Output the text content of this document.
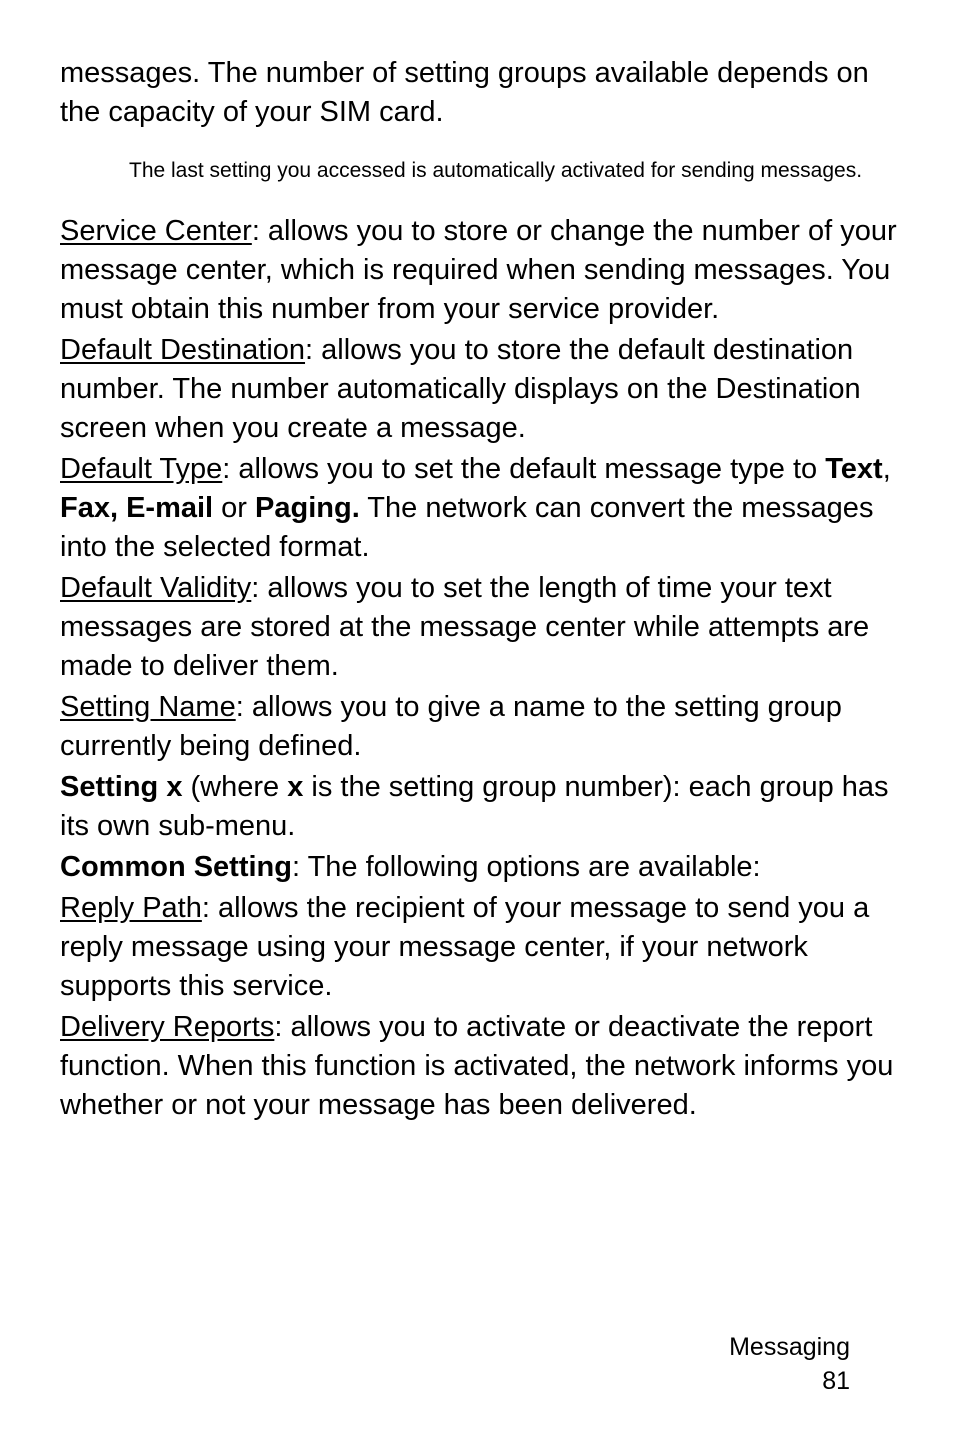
messages. The number of setting groups available depends on the capacity of your SIM card.

The last setting you accessed is automatically activated for sending messages.

Service Center: allows you to store or change the number of your message center, which is required when sending messages. You must obtain this number from your service provider.

Default Destination: allows you to store the default destination number. The number automatically displays on the Destination screen when you create a message.

Default Type: allows you to set the default message type to Text, Fax, E-mail or Paging. The network can convert the messages into the selected format.

Default Validity: allows you to set the length of time your text messages are stored at the message center while attempts are made to deliver them.

Setting Name: allows you to give a name to the setting group currently being defined.

Setting x (where x is the setting group number): each group has its own sub-menu.

Common Setting: The following options are available:

Reply Path: allows the recipient of your message to send you a reply message using your message center, if your network supports this service.

Delivery Reports: allows you to activate or deactivate the report function. When this function is activated, the network informs you whether or not your message has been delivered.

Messaging
81
